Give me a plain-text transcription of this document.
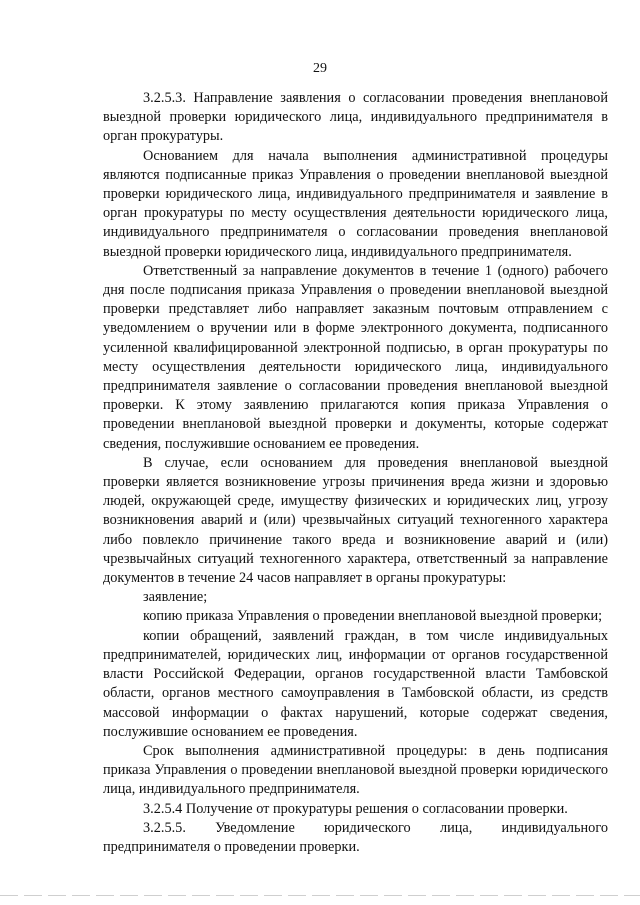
29

3.2.5.3. Направление заявления о согласовании проведения внеплановой выездной проверки юридического лица, индивидуального предпринимателя в орган прокуратуры.

Основанием для начала выполнения административной процедуры являются подписанные приказ Управления о проведении внеплановой выездной проверки юридического лица, индивидуального предпринимателя и заявление в орган прокуратуры по месту осуществления деятельности юридического лица, индивидуального предпринимателя о согласовании проведения внеплановой выездной проверки юридического лица, индивидуального предпринимателя.

Ответственный за направление документов в течение 1 (одного) рабочего дня после подписания приказа Управления о проведении внеплановой выездной проверки представляет либо направляет заказным почтовым отправлением с уведомлением о вручении или в форме электронного документа, подписанного усиленной квалифицированной электронной подписью, в орган прокуратуры по месту осуществления деятельности юридического лица, индивидуального предпринимателя заявление о согласовании проведения внеплановой выездной проверки. К этому заявлению прилагаются копия приказа Управления о проведении внеплановой выездной проверки и документы, которые содержат сведения, послужившие основанием ее проведения.

В случае, если основанием для проведения внеплановой выездной проверки является возникновение угрозы причинения вреда жизни и здоровью людей, окружающей среде, имуществу физических и юридических лиц, угрозу возникновения аварий и (или) чрезвычайных ситуаций техногенного характера либо повлекло причинение такого вреда и возникновение аварий и (или) чрезвычайных ситуаций техногенного характера, ответственный за направление документов в течение 24 часов направляет в органы прокуратуры:

заявление;

копию приказа Управления о проведении внеплановой выездной проверки;

копии обращений, заявлений граждан, в том числе индивидуальных предпринимателей, юридических лиц, информации от органов государственной власти Российской Федерации, органов государственной власти Тамбовской области, органов местного самоуправления в Тамбовской области, из средств массовой информации о фактах нарушений, которые содержат сведения, послужившие основанием ее проведения.

Срок выполнения административной процедуры: в день подписания приказа Управления о проведении внеплановой выездной проверки юридического лица, индивидуального предпринимателя.

3.2.5.4 Получение от прокуратуры решения о согласовании проверки.

3.2.5.5. Уведомление юридического лица, индивидуального предпринимателя о проведении проверки.
